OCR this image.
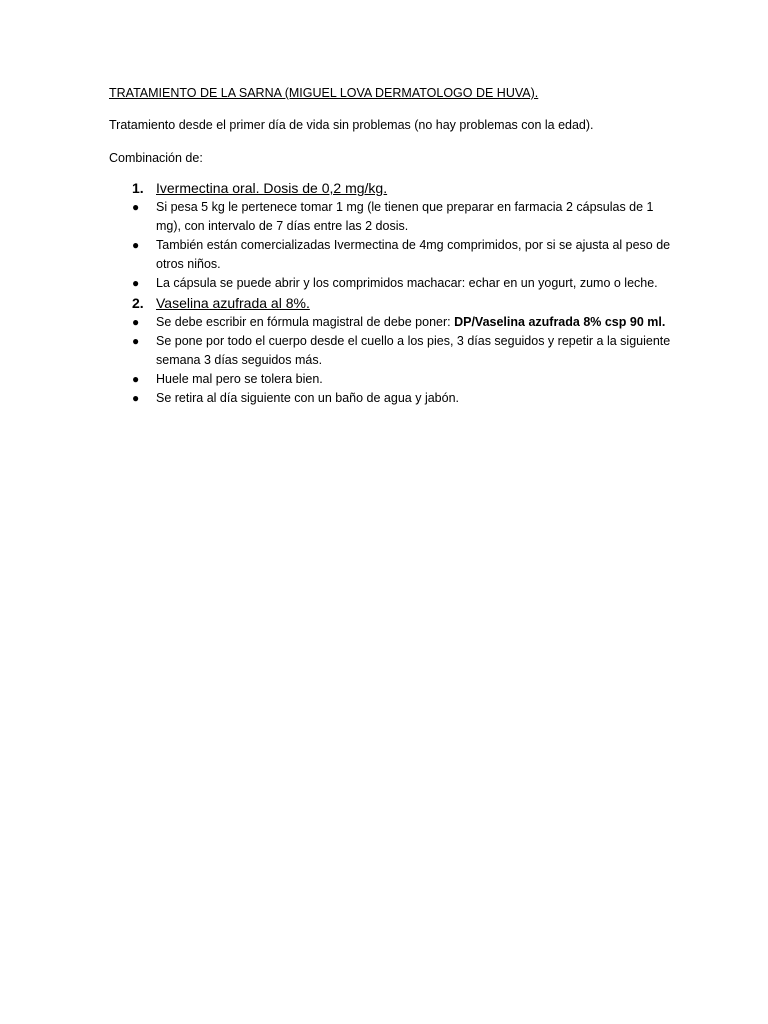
TRATAMIENTO DE LA SARNA (MIGUEL LOVA DERMATOLOGO DE HUVA).
Tratamiento desde el primer día de vida sin problemas (no hay problemas con la edad).
Combinación de:
1. Ivermectina oral. Dosis de 0,2 mg/kg.
●	Si pesa 5 kg le pertenece tomar 1 mg (le tienen que preparar en farmacia 2 cápsulas de 1 mg), con intervalo de 7 días entre las 2 dosis.
●	También están comercializadas Ivermectina de 4mg comprimidos, por si se ajusta al peso de otros niños.
●	La cápsula se puede abrir y los comprimidos machacar: echar en un yogurt, zumo o leche.
2. Vaselina azufrada al 8%.
●	Se debe escribir en fórmula magistral de debe poner: DP/Vaselina azufrada 8% csp 90 ml.
●	Se pone por todo el cuerpo desde el cuello a los pies, 3 días seguidos y repetir a la siguiente semana 3 días seguidos más.
●	Huele mal pero se tolera bien.
●	Se retira al día siguiente con un baño de agua y jabón.
